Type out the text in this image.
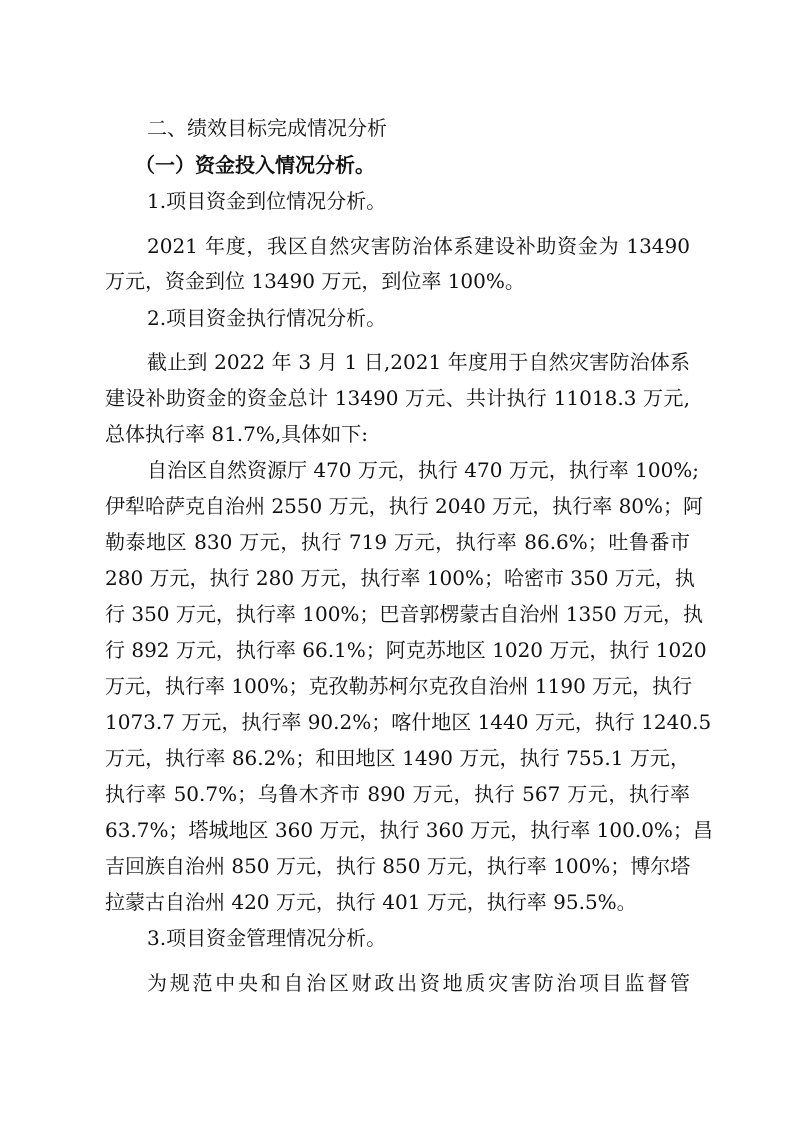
二、绩效目标完成情况分析
（一）资金投入情况分析。
1.项目资金到位情况分析。
2021 年度，我区自然灾害防治体系建设补助资金为 13490
万元，资金到位 13490 万元，到位率 100%。
2.项目资金执行情况分析。
截止到 2022 年 3 月 1 日,2021 年度用于自然灾害防治体系
建设补助资金的资金总计 13490 万元、共计执行 11018.3 万元,
总体执行率 81.7%,具体如下:
自治区自然资源厅 470 万元，执行 470 万元，执行率 100%;
伊犁哈萨克自治州 2550 万元，执行 2040 万元，执行率 80%；阿
勒泰地区 830 万元，执行 719 万元，执行率 86.6%；吐鲁番市
280 万元，执行 280 万元，执行率 100%；哈密市 350 万元，执
行 350 万元，执行率 100%；巴音郭楞蒙古自治州 1350 万元，执
行 892 万元，执行率 66.1%；阿克苏地区 1020 万元，执行 1020
万元，执行率 100%；克孜勒苏柯尔克孜自治州 1190 万元，执行
1073.7 万元，执行率 90.2%；喀什地区 1440 万元，执行 1240.5
万元，执行率 86.2%；和田地区 1490 万元，执行 755.1 万元，
执行率 50.7%；乌鲁木齐市 890 万元，执行 567 万元，执行率
63.7%；塔城地区 360 万元，执行 360 万元，执行率 100.0%；昌
吉回族自治州 850 万元，执行 850 万元，执行率 100%；博尔塔
拉蒙古自治州 420 万元，执行 401 万元，执行率 95.5%。
3.项目资金管理情况分析。
为规范中央和自治区财政出资地质灾害防治项目监督管
